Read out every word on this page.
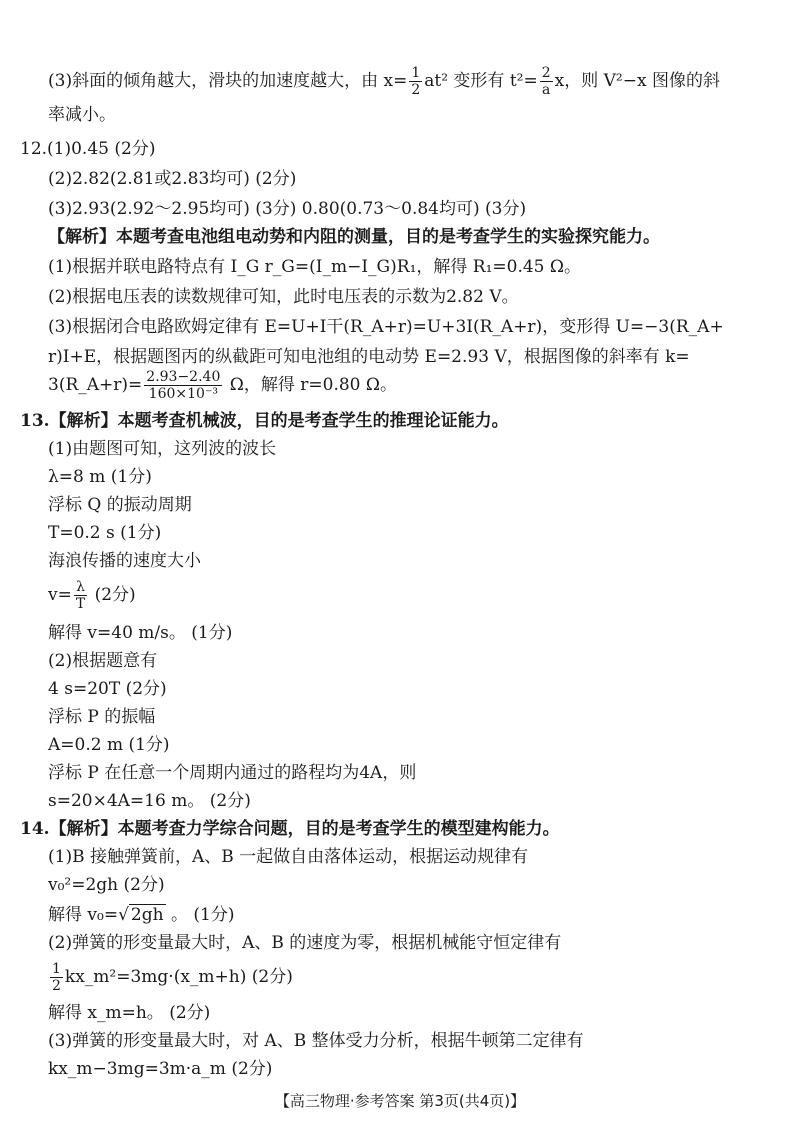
(3)斜面的倾角越大，滑块的加速度越大，由 $x= \frac{1}{2} at^2$ 变形有 $t^2= \frac{2}{a}$ x，则 V²−x 图像的斜
率减小。
12.(1)0.45 (2分)
(2)2.82(2.81或2.83均可) (2分)
(3)2.93(2.92～2.95均可) (3分) 0.80(0.73～0.84均可) (3分)
【解析】本题考查电池组电动势和内阻的测量，目的是考查学生的实验探究能力。
(1)根据并联电路特点有 I_G r_G=(I_m−I_G)R₁，解得 R₁=0.45 Ω。
(2)根据电压表的读数规律可知，此时电压表的示数为2.82 V。
(3)根据闭合电路欧姆定律有 E=U+I干(R_A+r)=U+3I(R_A+r)，变形得 U=−3(R_A+
r)I+E，根据题图丙的纵截距可知电池组的电动势 E=2.93 V，根据图像的斜率有 k=
3(R_A+r)= $\frac{2.93-2.40}{\text{160×10⁻³}}$ Ω，解得 r=0.80 Ω。
13.【解析】本题考查机械波，目的是考查学生的推理论证能力。
(1)由题图可知，这列波的波长
λ=8 m (1分)
浮标 Q 的振动周期
T=0.2 s (1分)
海浪传播的速度大小
$v= \frac{\lambda}{T} (2$分)
解得 v=40 m/s。 (1分)
(2)根据题意有
4 s=20T (2分)
浮标 P 的振幅
A=0.2 m (1分)
浮标 P 在任意一个周期内通过的路程均为4A，则
s=20×4A=16 m。 (2分)
14.【解析】本题考查力学综合问题，目的是考查学生的模型建构能力。
(1)B 接触弹簧前，A、B 一起做自由落体运动，根据运动规律有
v₀²=2gh (2分)
解得 v₀=√ 2gh 。 (1分)
(2)弹簧的形变量最大时，A、B 的速度为零，根据机械能守恒定律有
$\frac{1}{2}$ kx_m²=3mg·(x_m+h) (2分)
解得 x_m=h。 (2分)
(3)弹簧的形变量最大时，对 A、B 整体受力分析，根据牛顿第二定律有
kx_m−3mg=3m·a_m (2分)
【高三物理·参考答案 第3页(共4页)】
